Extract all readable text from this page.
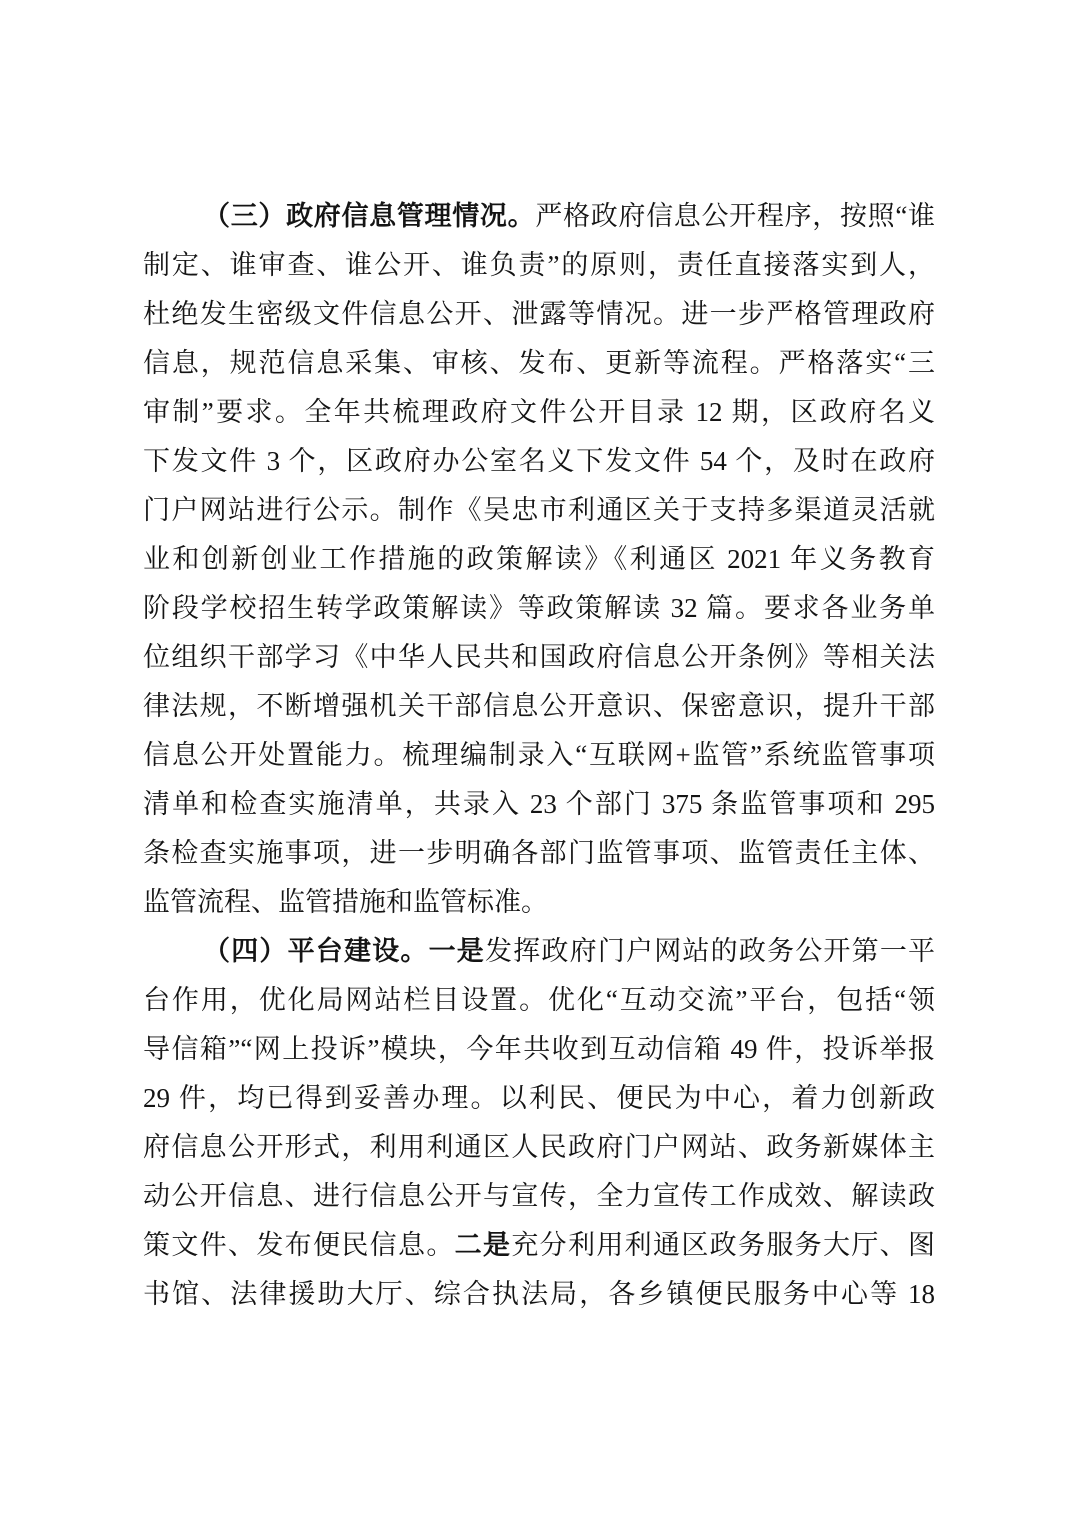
（三）政府信息管理情况。严格政府信息公开程序，按照“谁
制定、谁审查、谁公开、谁负责”的原则，责任直接落实到人，
杜绝发生密级文件信息公开、泄露等情况。进一步严格管理政府
信息，规范信息采集、审核、发布、更新等流程。严格落实“三
审制”要求。全年共梳理政府文件公开目录 12 期，区政府名义
下发文件 3 个，区政府办公室名义下发文件 54 个，及时在政府
门户网站进行公示。制作《吴忠市利通区关于支持多渠道灵活就
业和创新创业工作措施的政策解读》《利通区 2021 年义务教育
阶段学校招生转学政策解读》等政策解读 32 篇。要求各业务单
位组织干部学习《中华人民共和国政府信息公开条例》等相关法
律法规，不断增强机关干部信息公开意识、保密意识，提升干部
信息公开处置能力。梳理编制录入“互联网+监管”系统监管事项
清单和检查实施清单，共录入 23 个部门 375 条监管事项和 295
条检查实施事项，进一步明确各部门监管事项、监管责任主体、
监管流程、监管措施和监管标准。
（四）平台建设。一是发挥政府门户网站的政务公开第一平
台作用，优化局网站栏目设置。优化“互动交流”平台，包括“领
导信箱”“网上投诉”模块，今年共收到互动信箱 49 件，投诉举报
29 件，均已得到妥善办理。以利民、便民为中心，着力创新政
府信息公开形式，利用利通区人民政府门户网站、政务新媒体主
动公开信息、进行信息公开与宣传，全力宣传工作成效、解读政
策文件、发布便民信息。二是充分利用利通区政务服务大厅、图
书馆、法律援助大厅、综合执法局，各乡镇便民服务中心等 18
